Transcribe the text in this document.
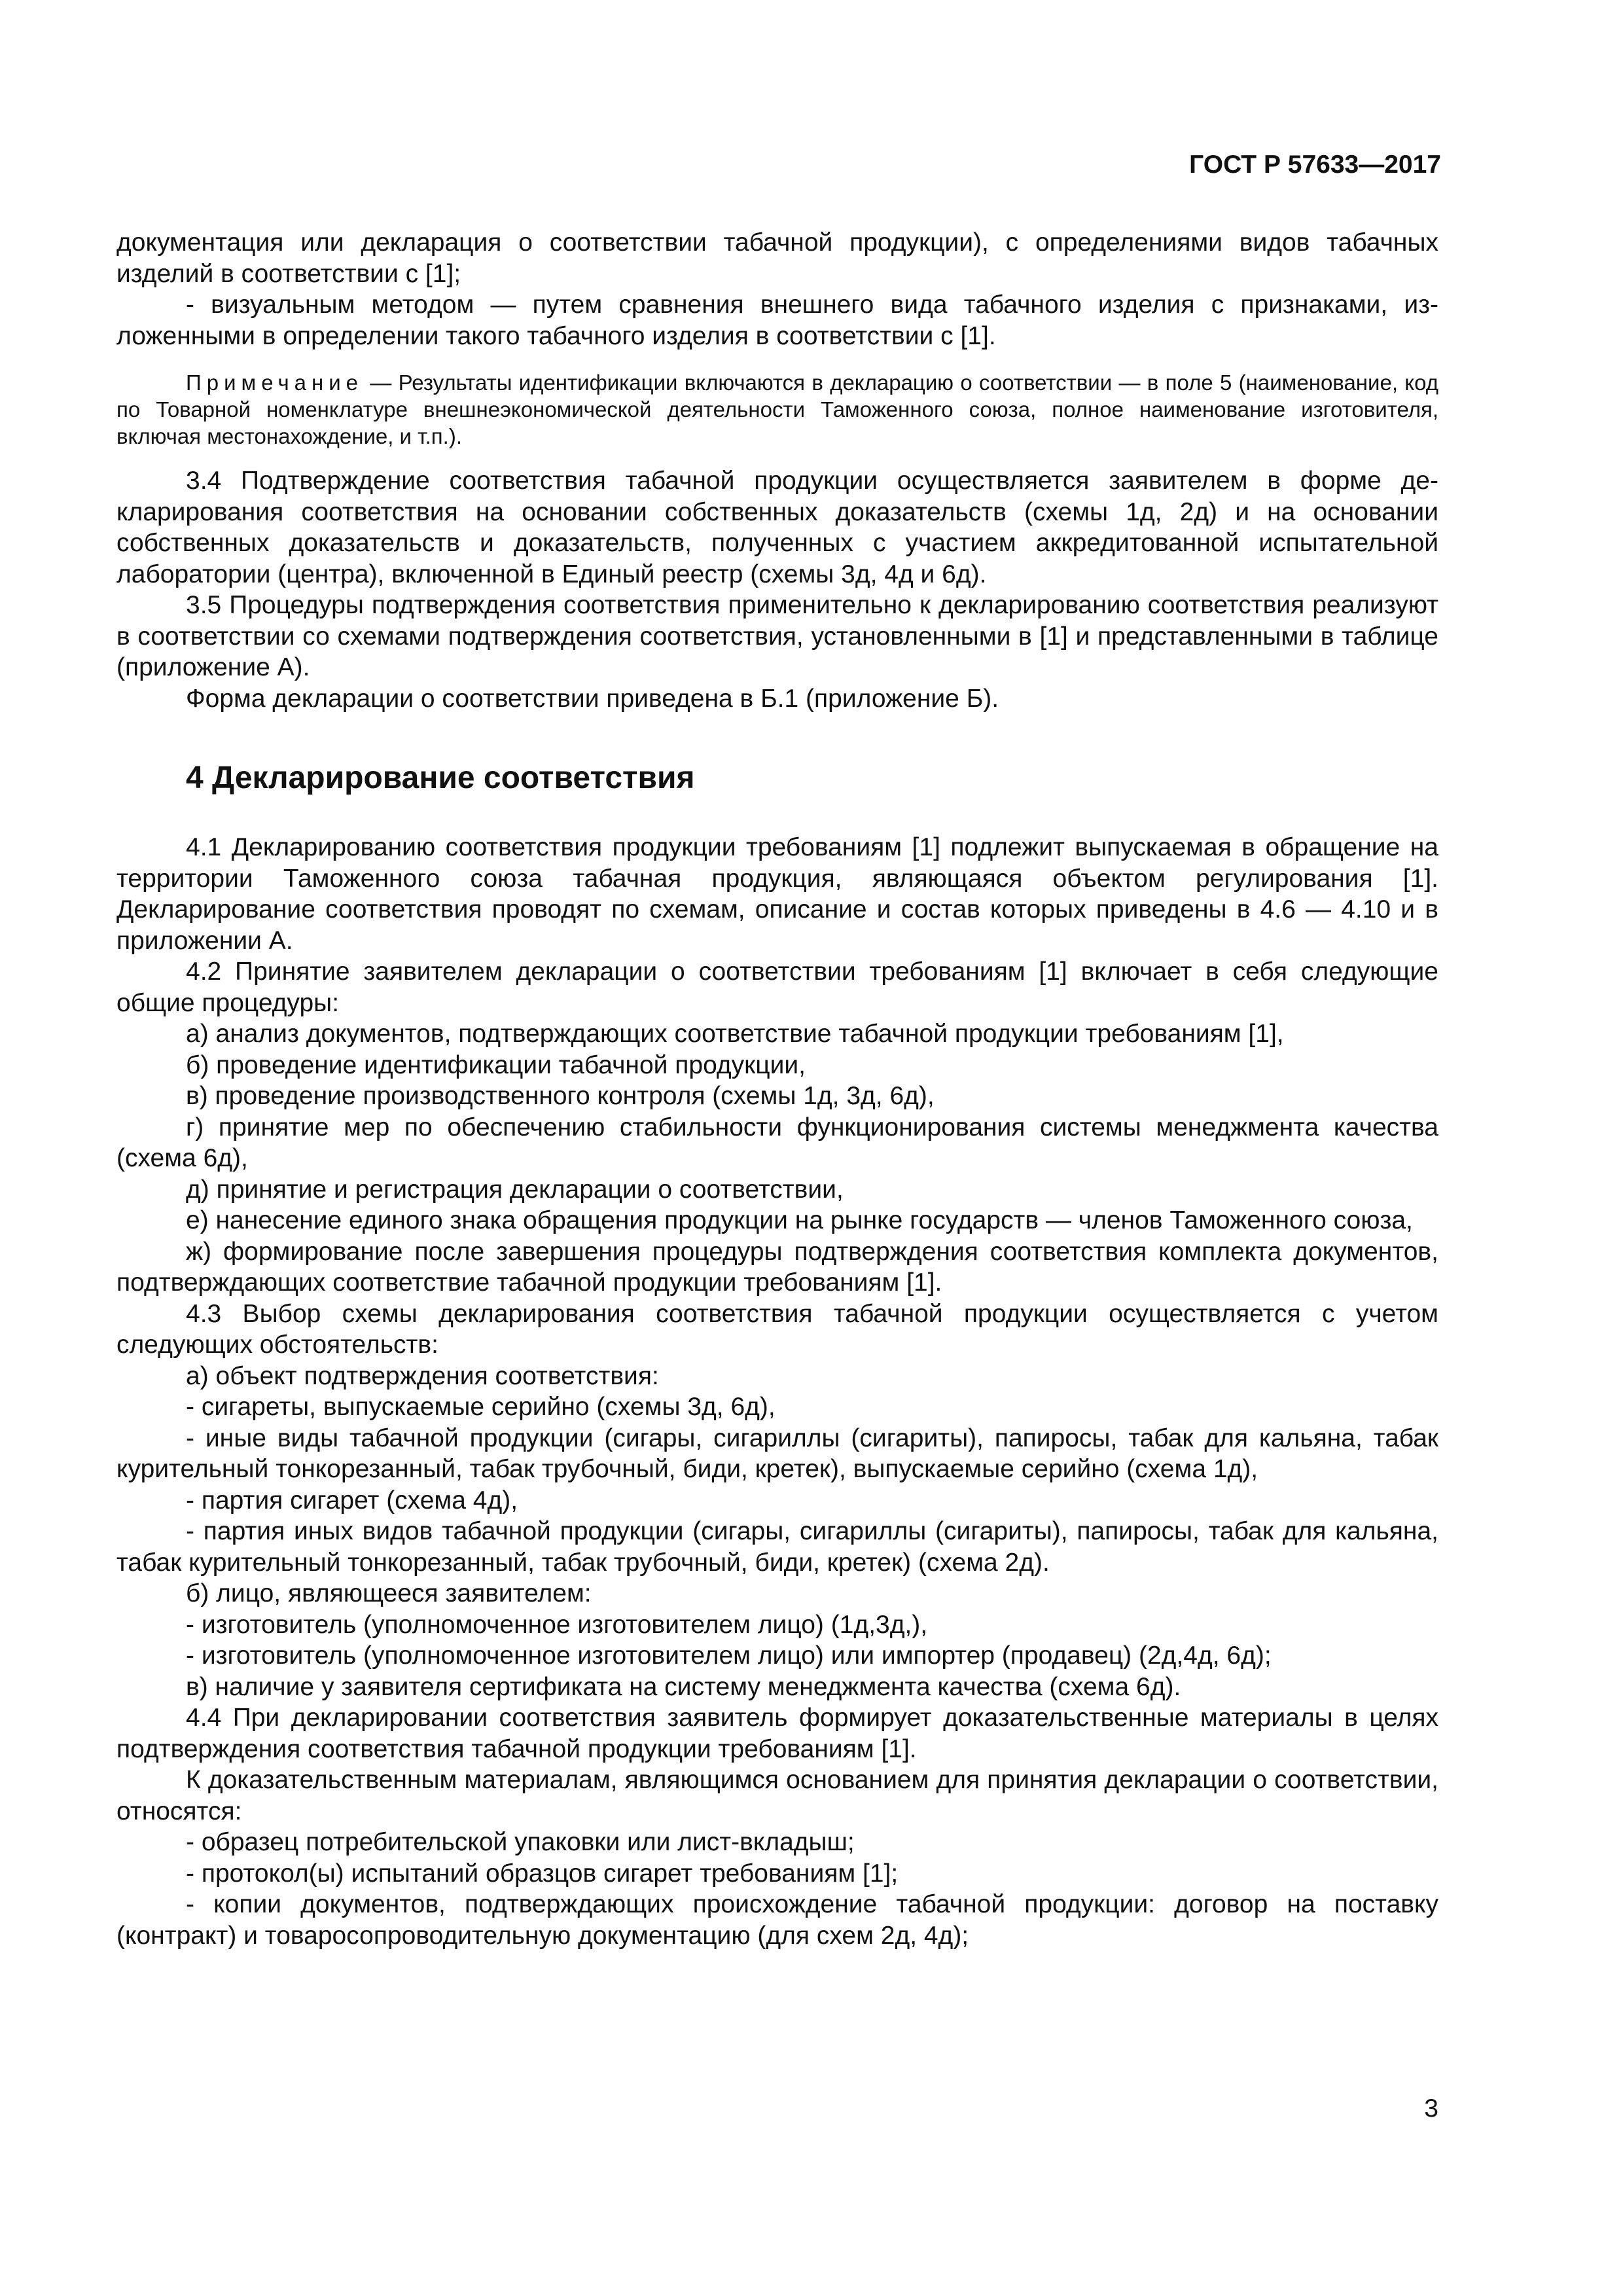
ГОСТ Р 57633—2017

документация или декларация о соответствии табачной продукции), с определениями видов табачных изделий в соответствии с [1];

- визуальным методом — путем сравнения внешнего вида табачного изделия с признаками, изложенными в определении такого табачного изделия в соответствии с [1].

Примечание — Результаты идентификации включаются в декларацию о соответствии — в поле 5 (наименование, код по Товарной номенклатуре внешнеэкономической деятельности Таможенного союза, полное наименование изготовителя, включая местонахождение, и т.п.).

3.4 Подтверждение соответствия табачной продукции осуществляется заявителем в форме декларирования соответствия на основании собственных доказательств (схемы 1д, 2д) и на основании собственных доказательств и доказательств, полученных с участием аккредитованной испытательной лаборатории (центра), включенной в Единый реестр (схемы 3д, 4д и 6д).

3.5 Процедуры подтверждения соответствия применительно к декларированию соответствия реализуют в соответствии со схемами подтверждения соответствия, установленными в [1] и представленными в таблице (приложение А).

Форма декларации о соответствии приведена в Б.1 (приложение Б).

4 Декларирование соответствия

4.1 Декларированию соответствия продукции требованиям [1] подлежит выпускаемая в обращение на территории Таможенного союза табачная продукция, являющаяся объектом регулирования [1]. Декларирование соответствия проводят по схемам, описание и состав которых приведены в 4.6 — 4.10 и в приложении А.

4.2 Принятие заявителем декларации о соответствии требованиям [1] включает в себя следующие общие процедуры:

а) анализ документов, подтверждающих соответствие табачной продукции требованиям [1],

б) проведение идентификации табачной продукции,

в) проведение производственного контроля (схемы 1д, 3д, 6д),

г) принятие мер по обеспечению стабильности функционирования системы менеджмента качества (схема 6д),

д) принятие и регистрация декларации о соответствии,

е) нанесение единого знака обращения продукции на рынке государств — членов Таможенного союза,

ж) формирование после завершения процедуры подтверждения соответствия комплекта документов, подтверждающих соответствие табачной продукции требованиям [1].

4.3 Выбор схемы декларирования соответствия табачной продукции осуществляется с учетом следующих обстоятельств:

а) объект подтверждения соответствия:

- сигареты, выпускаемые серийно (схемы 3д, 6д),

- иные виды табачной продукции (сигары, сигариллы (сигариты), папиросы, табак для кальяна, табак курительный тонкорезанный, табак трубочный, биди, кретек), выпускаемые серийно (схема 1д),

- партия сигарет (схема 4д),

- партия иных видов табачной продукции (сигары, сигариллы (сигариты), папиросы, табак для кальяна, табак курительный тонкорезанный, табак трубочный, биди, кретек) (схема 2д).

б) лицо, являющееся заявителем:

- изготовитель (уполномоченное изготовителем лицо) (1д,3д,),

- изготовитель (уполномоченное изготовителем лицо) или импортер (продавец) (2д,4д, 6д);

в) наличие у заявителя сертификата на систему менеджмента качества (схема 6д).

4.4 При декларировании соответствия заявитель формирует доказательственные материалы в целях подтверждения соответствия табачной продукции требованиям [1].

К доказательственным материалам, являющимся основанием для принятия декларации о соответствии, относятся:

- образец потребительской упаковки или лист-вкладыш;

- протокол(ы) испытаний образцов сигарет требованиям [1];

- копии документов, подтверждающих происхождение табачной продукции: договор на поставку (контракт) и товаросопроводительную документацию (для схем 2д, 4д);

3
